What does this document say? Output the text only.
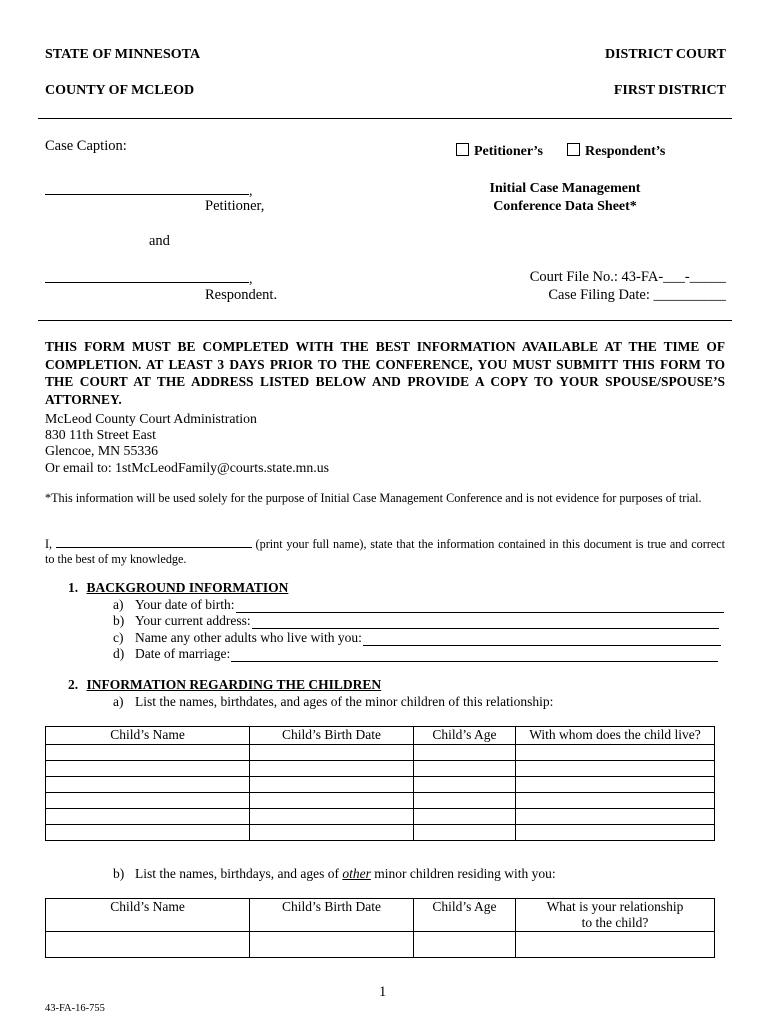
STATE OF MINNESOTA	DISTRICT COURT
COUNTY OF MCLEOD	FIRST DISTRICT
Case Caption:	Petitioner’s	Respondent’s
Initial Case Management
Conference Data Sheet*
,
Petitioner,
and
,
Respondent.
Court File No.: 43-FA-___-_____
Case Filing Date: __________
THIS FORM MUST BE COMPLETED WITH THE BEST INFORMATION AVAILABLE AT THE TIME OF COMPLETION. AT LEAST 3 DAYS PRIOR TO THE CONFERENCE, YOU MUST SUBMITT THIS FORM TO THE COURT AT THE ADDRESS LISTED BELOW AND PROVIDE A COPY TO YOUR SPOUSE/SPOUSE’S ATTORNEY.
McLeod County Court Administration
830 11th Street East
Glencoe, MN 55336
Or email to: 1stMcLeodFamily@courts.state.mn.us
*This information will be used solely for the purpose of Initial Case Management Conference and is not evidence for purposes of trial.
I,	(print your full name), state that the information contained in this document is true and correct to the best of my knowledge.
1. BACKGROUND INFORMATION
a) Your date of birth:
b) Your current address:
c) Name any other adults who live with you:
d) Date of marriage:
2. INFORMATION REGARDING THE CHILDREN
a) List the names, birthdates, and ages of the minor children of this relationship:
Child’s Name	Child’s Birth Date	Child’s Age	With whom does the child live?

b) List the names, birthdays, and ages of other minor children residing with you:
Child’s Name	Child’s Birth Date	Child’s Age	What is your relationship
to the child?

1
43-FA-16-755
